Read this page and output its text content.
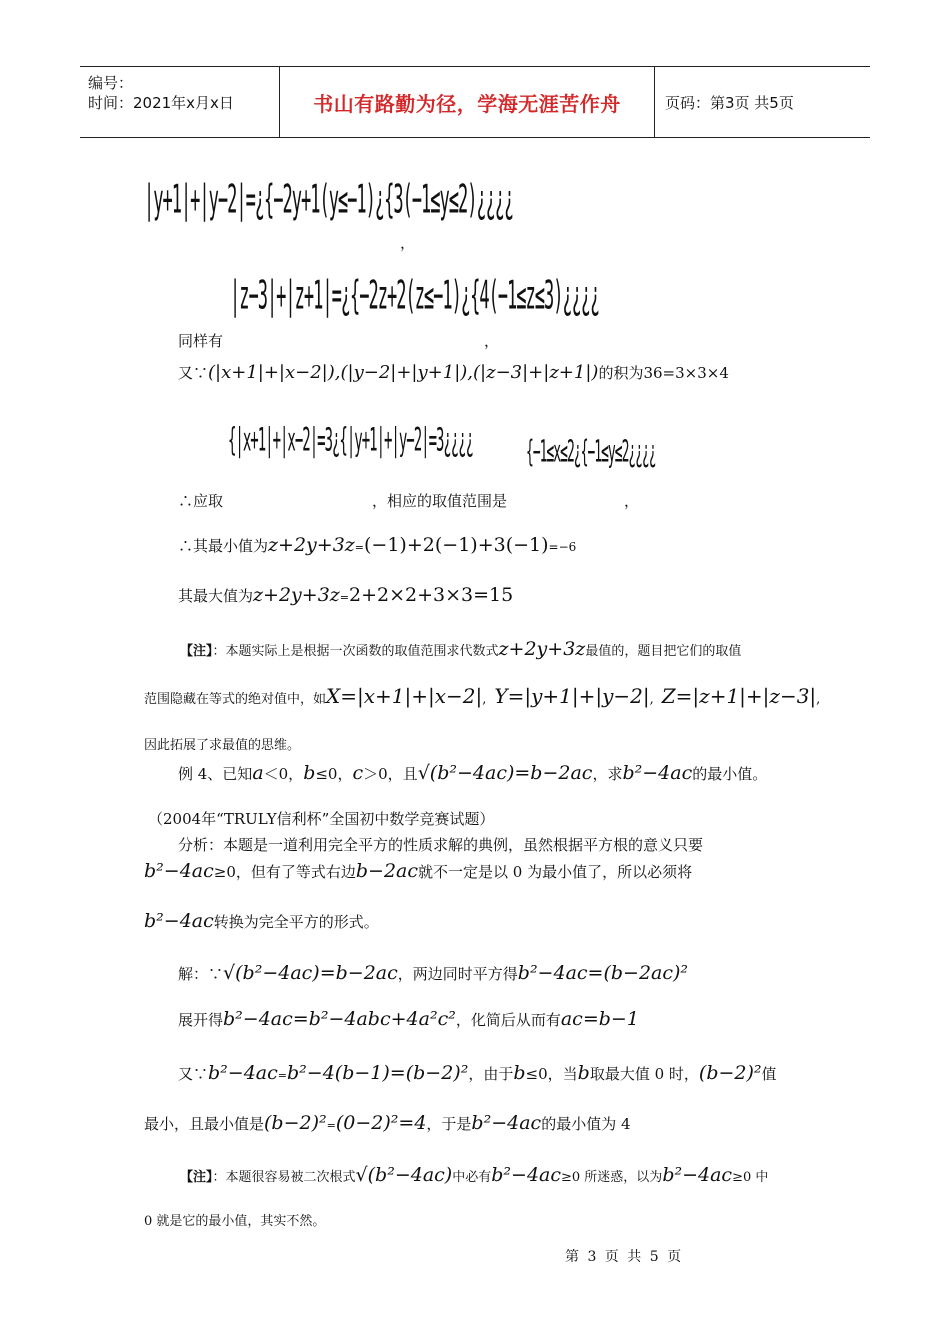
编号：
时间：2021年x月x日	书山有路勤为径，学海无涯苦作舟	页码：第3页 共5页
|y+1|+|y−2|=¿{−2y+1(y≤−1)¿{3(−1≤y≤2)¿¿¿¿
，
同样有
|z−3|+|z+1|=¿{−2z+2(z≤−1)¿{4(−1≤z≤3)¿¿¿¿
，
又∵(|x+1|+|x−2|),(|y−2|+|y+1|),(|z−3|+|z+1|)的积为36=3×3×4
∴应取
{|x+1|+|x−2|=3¿{|y+1|+|y−2|=3¿¿¿¿
，相应的取值范围是
{−1≤x≤2¿{−1≤y≤2¿¿¿¿
，
∴其最小值为z+2y+3z=(−1)+2(−1)+3(−1)=−6
其最大值为z+2y+3z=2+2×2+3×3=15
【注】：本题实际上是根据一次函数的取值范围求代数式z+2y+3z最值的，题目把它们的取值
范围隐藏在等式的绝对值中，如X=|x+1|+|x−2|, Y=|y+1|+|y−2|, Z=|z+1|+|z−3|,
因此拓展了求最值的思维。
例 4、已知a＜0，b≤0，c＞0，且√(b²−4ac)=b−2ac，求b²−4ac的最小值。
（2004年“TRULY信利杯”全国初中数学竞赛试题）
分析：本题是一道利用完全平方的性质求解的典例，虽然根据平方根的意义只要
b²−4ac≥0，但有了等式右边b−2ac就不一定是以 0 为最小值了，所以必须将
b²−4ac转换为完全平方的形式。
解：∵√(b²−4ac)=b−2ac，两边同时平方得b²−4ac=(b−2ac)²
展开得b²−4ac=b²−4abc+4a²c²，化简后从而有ac=b−1
又∵b²−4ac=b²−4(b−1)=(b−2)²，由于b≤0，当b取最大值 0 时，(b−2)²值
最小，且最小值是(b−2)²=(0−2)²=4，于是b²−4ac的最小值为 4
【注】：本题很容易被二次根式√(b²−4ac)中必有b²−4ac≥0 所迷惑，以为b²−4ac≥0 中
0 就是它的最小值，其实不然。
第 3 页 共 5 页
